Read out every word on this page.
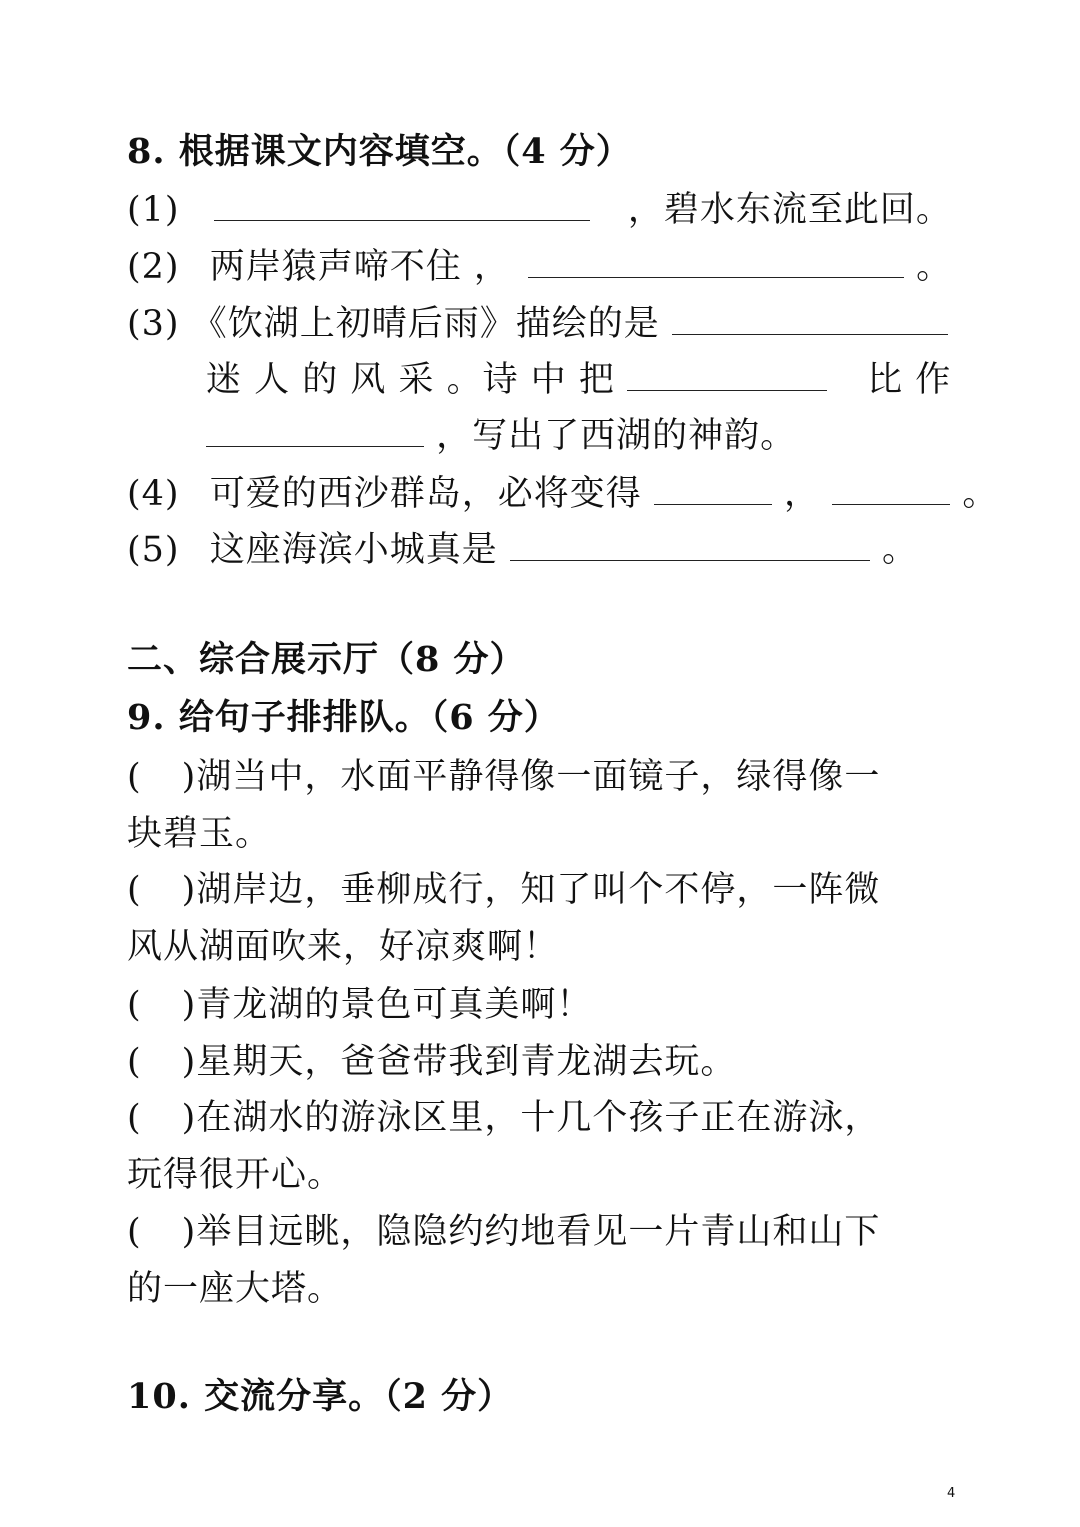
8. 根据课文内容填空。（4 分）
(1)	，碧水东流至此回。
(2) 两岸猿声啼不住 ，	。
(3) 《饮湖上初晴后雨》描绘的是
迷 人 的 风 采 。诗 中 把	比 作
，写出了西湖的神韵。
(4) 可爱的西沙群岛，必将变得	，	。
(5) 这座海滨小城真是	。
二、综合展示厅（8 分）
9. 给句子排排队。（6 分）
( )湖当中，水面平静得像一面镜子，绿得像一
块碧玉。
( )湖岸边，垂柳成行，知了叫个不停，一阵微
风从湖面吹来，好凉爽啊！
( )青龙湖的景色可真美啊！
( )星期天，爸爸带我到青龙湖去玩。
( )在湖水的游泳区里，十几个孩子正在游泳，
玩得很开心。
( )举目远眺，隐隐约约地看见一片青山和山下
的一座大塔。
10. 交流分享。（2 分）
4
